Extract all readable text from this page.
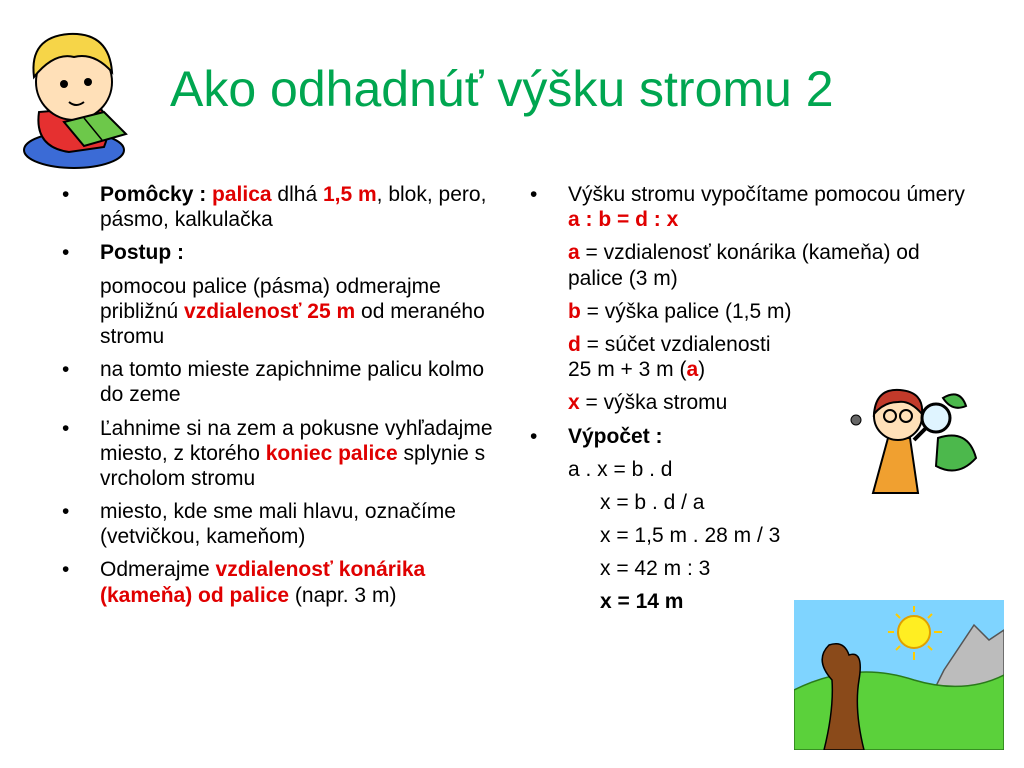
Ako odhadnúť výšku stromu 2
•	Pomôcky : palica dlhá 1,5 m, blok, pero, pásmo, kalkulačka
•	Postup :
pomocou palice (pásma) odmerajme približnú vzdialenosť 25 m od meraného stromu
•	na tomto mieste zapichnime palicu kolmo do zeme
•	Ľahnime si na zem a pokusne vyhľadajme miesto, z ktorého koniec palice splynie s vrcholom stromu
•	miesto, kde sme mali hlavu, označíme (vetvičkou, kameňom)
•	Odmerajme vzdialenosť konárika (kameňa) od palice (napr. 3 m)
•	Výšku stromu vypočítame pomocou úmery a : b = d : x
a = vzdialenosť konárika (kameňa) od palice (3 m)
b = výška palice (1,5 m)
d = súčet vzdialenosti
25 m + 3 m (a)
x = výška stromu
•	Výpočet :
a . x = b . d
x = b . d / a
x = 1,5 m . 28 m / 3
x = 42 m : 3
x = 14 m
